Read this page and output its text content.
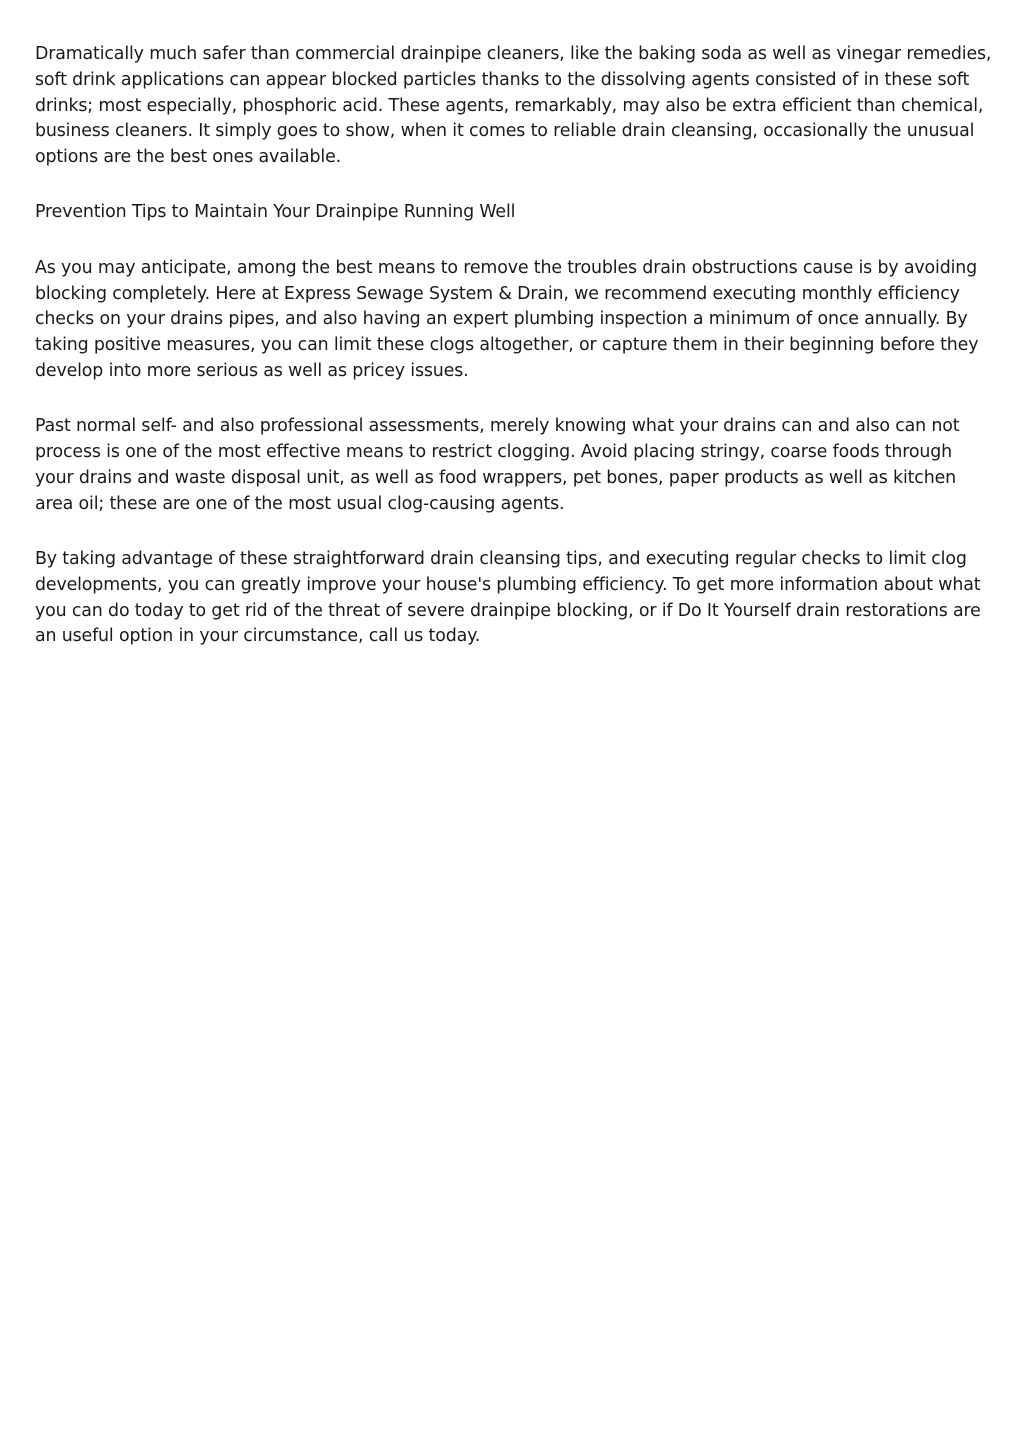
Dramatically much safer than commercial drainpipe cleaners, like the baking soda as well as vinegar remedies, soft drink applications can appear blocked particles thanks to the dissolving agents consisted of in these soft drinks; most especially, phosphoric acid. These agents, remarkably, may also be extra efficient than chemical, business cleaners. It simply goes to show, when it comes to reliable drain cleansing, occasionally the unusual options are the best ones available.

Prevention Tips to Maintain Your Drainpipe Running Well

As you may anticipate, among the best means to remove the troubles drain obstructions cause is by avoiding blocking completely. Here at Express Sewage System & Drain, we recommend executing monthly efficiency checks on your drains pipes, and also having an expert plumbing inspection a minimum of once annually. By taking positive measures, you can limit these clogs altogether, or capture them in their beginning before they develop into more serious as well as pricey issues.

Past normal self- and also professional assessments, merely knowing what your drains can and also can not process is one of the most effective means to restrict clogging. Avoid placing stringy, coarse foods through your drains and waste disposal unit, as well as food wrappers, pet bones, paper products as well as kitchen area oil; these are one of the most usual clog-causing agents.

By taking advantage of these straightforward drain cleansing tips, and executing regular checks to limit clog developments, you can greatly improve your house's plumbing efficiency. To get more information about what you can do today to get rid of the threat of severe drainpipe blocking, or if Do It Yourself drain restorations are an useful option in your circumstance, call us today.
